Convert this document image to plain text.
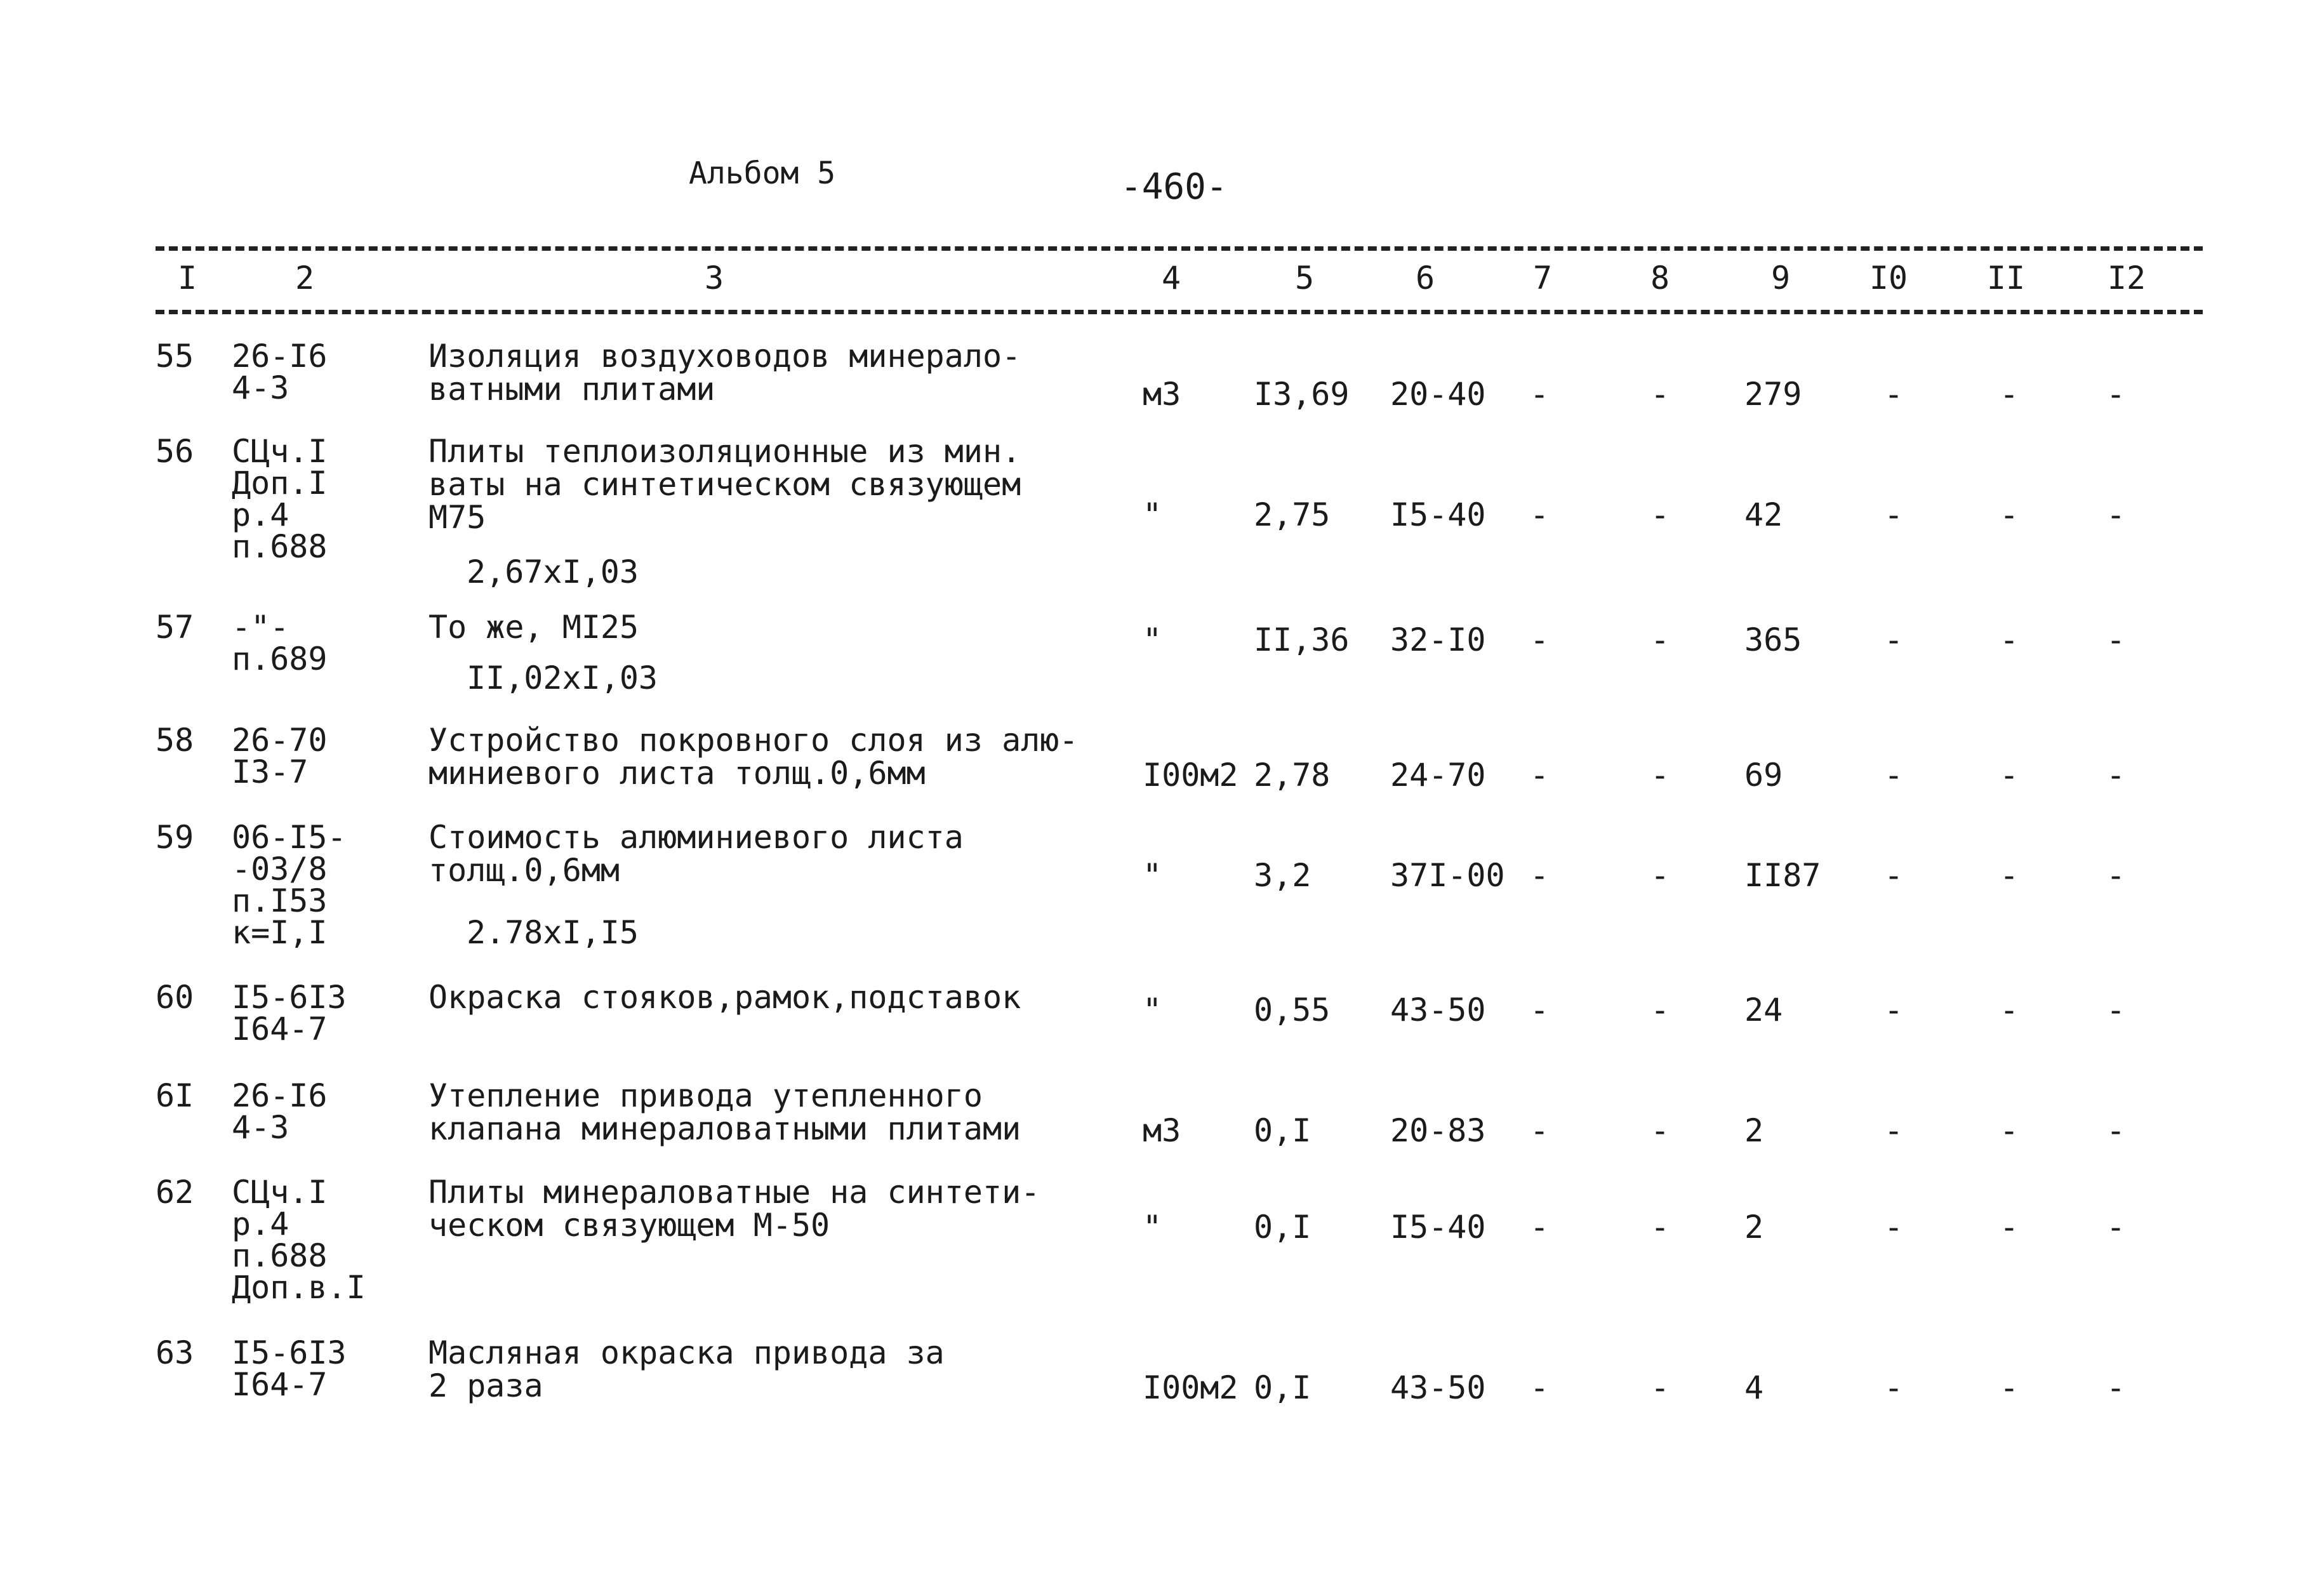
Альбом 5	-460-
I	2	3	4	5	6	7	8	9	I0 II	I2
55 26-I6
4-3
Изоляция воздуховодов минерало-
ватными плитами	м3 I3,69 20-40 -	- 279	-	-	-
56 СЦч.I
Доп.I
р.4
п.688
Плиты теплоизоляционные из мин.
ваты на синтетическом связующем
М75
2,67хI,03
"	2,75 I5-40 -	- 42	-	-	-
57 -"-
п.689
То же, МI25
II,02хI,03
"	II,36 32-I0 -	- 365	-	-	-
58 26-70
I3-7
Устройство покровного слоя из алю-
миниевого листа толщ.0,6мм	I00м2 2,78 24-70 -	- 69	-	-	-
59 06-I5-
-03/8
п.I53
к=I,I
Стоимость алюминиевого листа
толщ.0,6мм
2.78хI,I5
"	3,2 37I-00 -	- II87 -	-	-
60 I5-6I3
I64-7
Окраска стояков,рамок,подставок	"	0,55 43-50 -	- 24	-	-	-
6I 26-I6
4-3
Утепление привода утепленного
клапана минераловатными плитами	м3 0,I 20-83 -	- 2	-	-	-
62 СЦч.I
р.4
п.688
Доп.в.I
Плиты минераловатные на синтети-
ческом связующем М-50	"	0,I I5-40 -	- 2	-	-	-
63 I5-6I3
I64-7
Масляная окраска привода за
2 раза	I00м2 0,I 43-50 -	- 4	-	-	-
